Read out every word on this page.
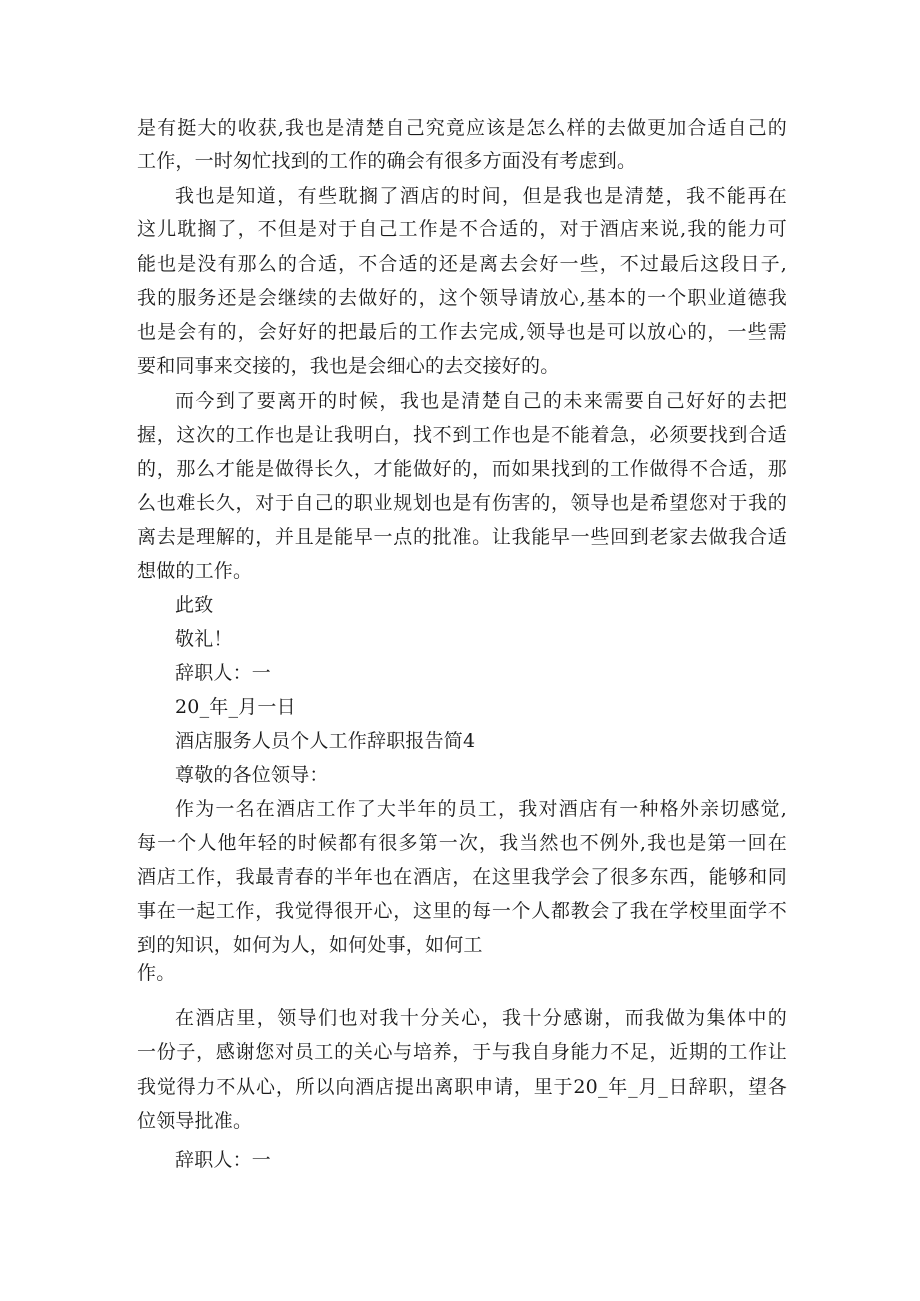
是有挺大的收获,我也是清楚自己究竟应该是怎么样的去做更加合适自己的
工作，一时匆忙找到的工作的确会有很多方面没有考虑到。
我也是知道，有些耽搁了酒店的时间，但是我也是清楚，我不能再在
这儿耽搁了，不但是对于自己工作是不合适的，对于酒店来说,我的能力可
能也是没有那么的合适，不合适的还是离去会好一些，不过最后这段日子,
我的服务还是会继续的去做好的，这个领导请放心,基本的一个职业道德我
也是会有的，会好好的把最后的工作去完成,领导也是可以放心的，一些需
要和同事来交接的，我也是会细心的去交接好的。
而今到了要离开的时候，我也是清楚自己的未来需要自己好好的去把
握，这次的工作也是让我明白，找不到工作也是不能着急，必须要找到合适
的，那么才能是做得长久，才能做好的，而如果找到的工作做得不合适，那
么也难长久，对于自己的职业规划也是有伤害的，领导也是希望您对于我的
离去是理解的，并且是能早一点的批准。让我能早一些回到老家去做我合适
想做的工作。
此致
敬礼！
辞职人：一
20_年_月一日
酒店服务人员个人工作辞职报告简4
尊敬的各位领导：
作为一名在酒店工作了大半年的员工，我对酒店有一种格外亲切感觉,
每一个人他年轻的时候都有很多第一次，我当然也不例外,我也是第一回在
酒店工作，我最青春的半年也在酒店，在这里我学会了很多东西，能够和同
事在一起工作，我觉得很开心，这里的每一个人都教会了我在学校里面学不
到的知识，如何为人，如何处事，如何工
作。
在酒店里，领导们也对我十分关心，我十分感谢，而我做为集体中的
一份子，感谢您对员工的关心与培养，于与我自身能力不足，近期的工作让
我觉得力不从心，所以向酒店提出离职申请，里于20_年_月_日辞职，望各
位领导批准。
辞职人：一
